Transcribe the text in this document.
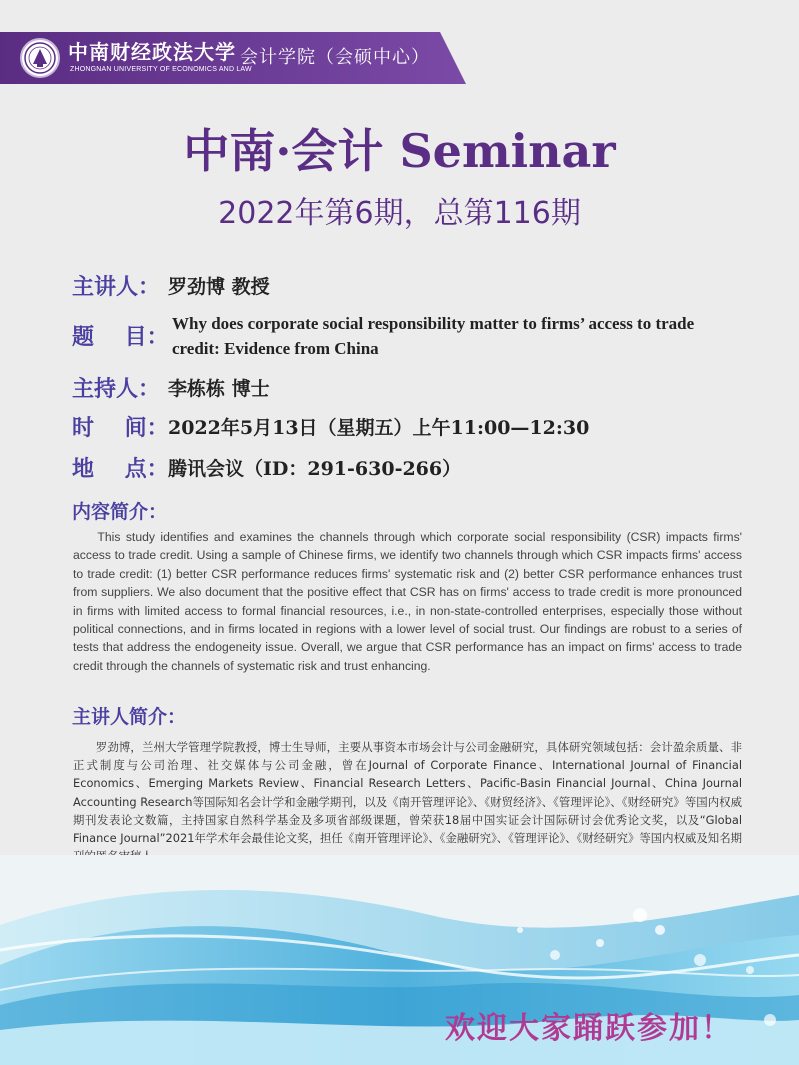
中南财经政法大学
ZHONGNAN UNIVERSITY OF ECONOMICS AND LAW
会计学院（会硕中心）
中南·会计 Seminar
2022年第6期，总第116期
主讲人： 罗劲博 教授
题    目：
Why does corporate social responsibility matter to firms’ access to trade credit: Evidence from China
主持人： 李栋栋 博士
时    间： 2022年5月13日（星期五）上午11:00—12:30
地    点： 腾讯会议（ID：291-630-266）
内容简介：
This study identifies and examines the channels through which corporate social responsibility (CSR) impacts firms' access to trade credit. Using a sample of Chinese firms, we identify two channels through which CSR impacts firms' access to trade credit: (1) better CSR performance reduces firms' systematic risk and (2) better CSR performance enhances trust from suppliers. We also document that the positive effect that CSR has on firms' access to trade credit is more pronounced in firms with limited access to formal financial resources, i.e., in non-state-controlled enterprises, especially those without political connections, and in firms located in regions with a lower level of social trust. Our findings are robust to a series of tests that address the endogeneity issue. Overall, we argue that CSR performance has an impact on firms' access to trade credit through the channels of systematic risk and trust enhancing.
主讲人简介：
罗劲博，兰州大学管理学院教授，博士生导师，主要从事资本市场会计与公司金融研究，具体研究领域包括：会计盈余质量、非正式制度与公司治理、社交媒体与公司金融，曾在Journal of Corporate Finance、International Journal of Financial Economics、Emerging Markets Review、Financial Research Letters、Pacific-Basin Financial Journal、China Journal Accounting Research等国际知名会计学和金融学期刊，以及《南开管理评论》、《财贸经济》、《管理评论》、《财经研究》等国内权威期刊发表论文数篇，主持国家自然科学基金及多项省部级课题，曾荣获18届中国实证会计国际研讨会优秀论文奖，以及“Global Finance Journal”2021年学术年会最佳论文奖，担任《南开管理评论》、《金融研究》、《管理评论》、《财经研究》等国内权威及知名期
欢迎大家踊跃参加！
